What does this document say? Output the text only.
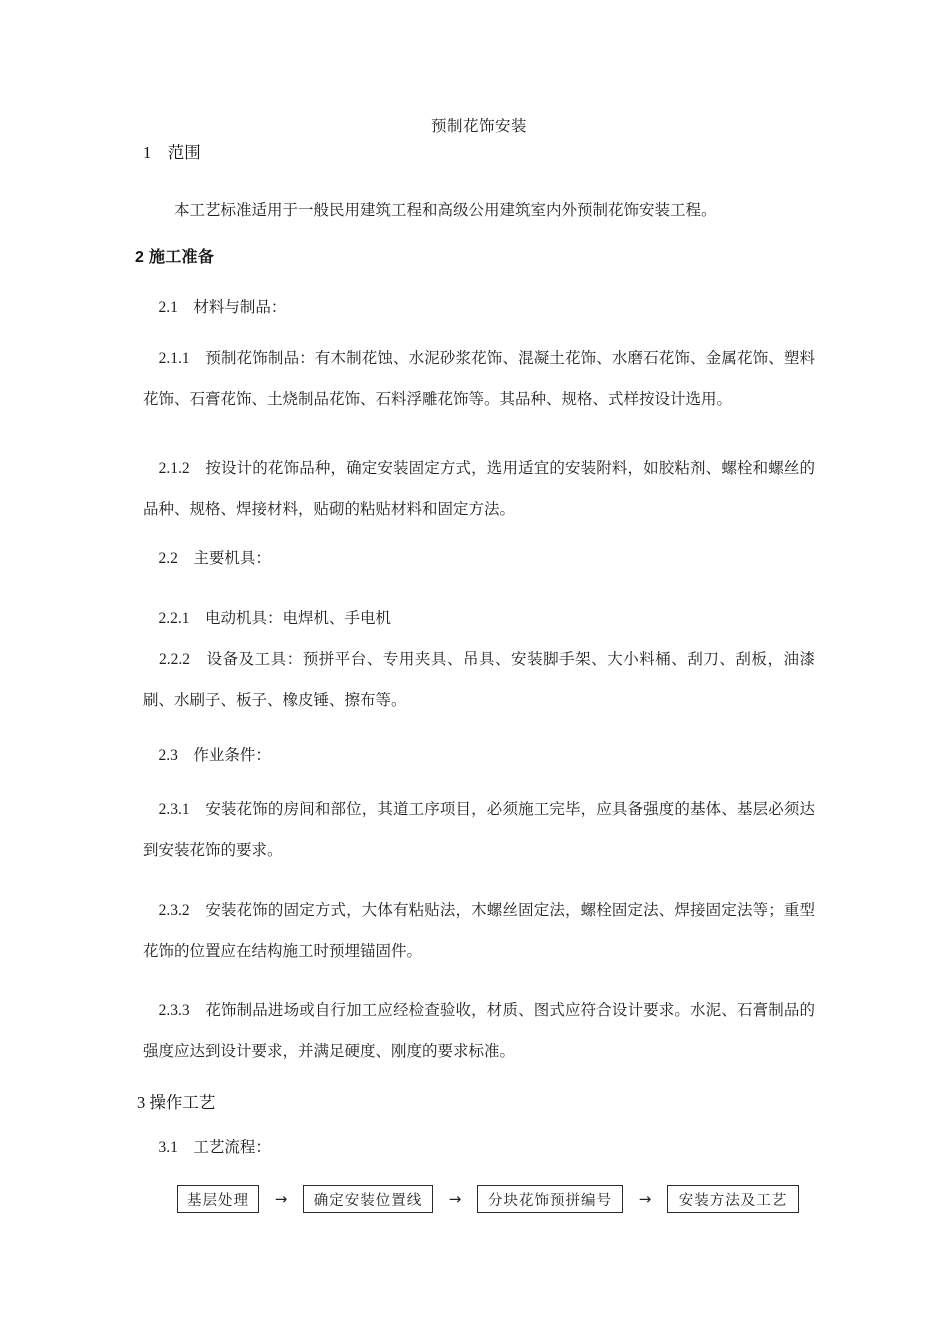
预制花饰安装
1　范围

　　本工艺标准适用于一般民用建筑工程和高级公用建筑室内外预制花饰安装工程。

2 施工准备
　2.1　材料与制品：

　2.1.1　预制花饰制品：有木制花蚀、水泥砂浆花饰、混凝土花饰、水磨石花饰、金属花饰、塑料花饰、石膏花饰、土烧制品花饰、石料浮雕花饰等。其品种、规格、式样按设计选用。

　2.1.2　按设计的花饰品种，确定安装固定方式，选用适宜的安装附料，如胶粘剂、螺栓和螺丝的品种、规格、焊接材料，贴砌的粘贴材料和固定方法。

　2.2　主要机具：

　2.2.1　电动机具：电焊机、手电机

　2.2.2　设备及工具：预拼平台、专用夹具、吊具、安装脚手架、大小料桶、刮刀、刮板，油漆刷、水刷子、板子、橡皮锤、擦布等。

　2.3　作业条件：

　2.3.1　安装花饰的房间和部位，其道工序项目，必须施工完毕，应具备强度的基体、基层必须达到安装花饰的要求。

　2.3.2　安装花饰的固定方式，大体有粘贴法，木螺丝固定法，螺栓固定法、焊接固定法等；重型花饰的位置应在结构施工时预埋锚固件。

　2.3.3　花饰制品进场或自行加工应经检查验收，材质、图式应符合设计要求。水泥、石膏制品的强度应达到设计要求，并满足硬度、刚度的要求标准。

3 操作工艺
　3.1　工艺流程：
基层处理	→	确定安装位置线	→	分块花饰预拼编号	→	安装方法及工艺
